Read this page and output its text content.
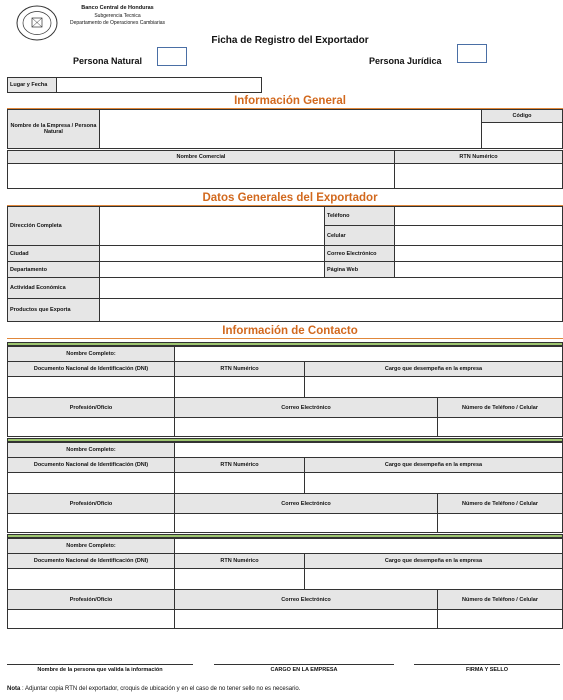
Banco Central de Honduras
Subgerencia Tecnica
Departamento de Operaciones Cambiarias
Ficha de Registro del Exportador
Persona Natural	Persona Jurídica
Lugar y Fecha
Información General
Nombre de la Empresa / Persona Natural
Código
Nombre Comercial	RTN Numérico
Datos Generales del Exportador
Dirección Completa
Teléfono
Celular
Ciudad	Correo Electrónico
Departamento	Página Web
Actividad Económica
Productos que Exporta
Información de Contacto
Nombre Completo:
Documento Nacional de Identificación (DNI)	RTN Numérico	Cargo que desempeña en la empresa
Profesión/Oficio	Correo Electrónico	Número de Teléfono / Celular
Nombre Completo:
Documento Nacional de Identificación (DNI)	RTN Numérico	Cargo que desempeña en la empresa
Profesión/Oficio	Correo Electrónico	Número de Teléfono / Celular
Nombre Completo:
Documento Nacional de Identificación (DNI)	RTN Numérico	Cargo que desempeña en la empresa
Profesión/Oficio	Correo Electrónico	Número de Teléfono / Celular
Nombre de la persona que valida la información	CARGO EN LA EMPRESA	FIRMA Y SELLO
Nota : Adjuntar copia RTN del exportador, croquis de ubicación y en el caso de no tener sello no es necesario.
